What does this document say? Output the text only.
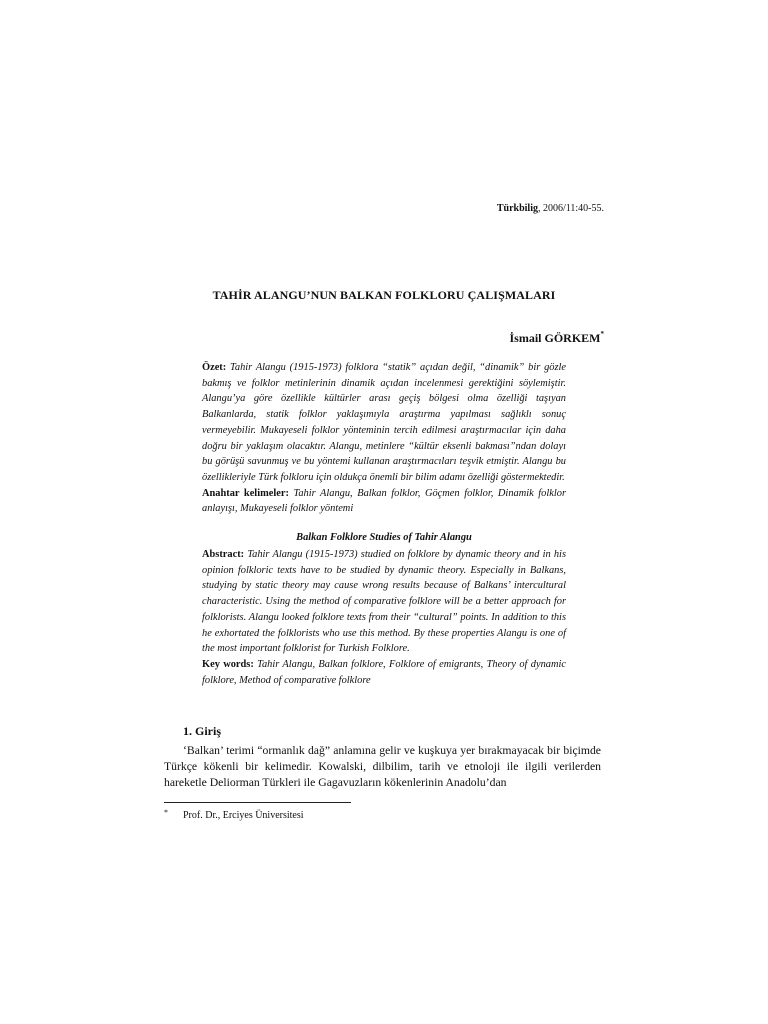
Türkbilig, 2006/11:40-55.
TAHİR ALANGU’NUN BALKAN FOLKLORU ÇALIŞMALARI
İsmail GÖRKEM*
Özet: Tahir Alangu (1915-1973) folklora “statik” açıdan değil, “dinamik” bir gözle bakmış ve folklor metinlerinin dinamik açıdan incelenmesi gerektiğini söylemiştir. Alangu’ya göre özellikle kültürler arası geçiş bölgesi olma özelliği taşıyan Balkanlarda, statik folklor yaklaşımıyla araştırma yapılması sağlıklı sonuç vermeyebilir. Mukayeseli folklor yönteminin tercih edilmesi araştırmacılar için daha doğru bir yaklaşım olacaktır. Alangu, metinlere “kültür eksenli bakması”ndan dolayı bu görüşü savunmuş ve bu yöntemi kullanan araştırmacıları teşvik etmiştir. Alangu bu özellikleriyle Türk folkloru için oldukça önemli bir bilim adamı özelliği göstermektedir.
Anahtar kelimeler: Tahir Alangu, Balkan folklor, Göçmen folklor, Dinamik folklor anlayışı, Mukayeseli folklor yöntemi
Balkan Folklore Studies of Tahir Alangu
Abstract: Tahir Alangu (1915-1973) studied on folklore by dynamic theory and in his opinion folkloric texts have to be studied by dynamic theory. Especially in Balkans, studying by static theory may cause wrong results because of Balkans’ intercultural characteristic. Using the method of comparative folklore will be a better approach for folklorists. Alangu looked folklore texts from their “cultural” points. In addition to this he exhortated the folklorists who use this method. By these properties Alangu is one of the most important folklorist for Turkish Folklore.
Key words: Tahir Alangu, Balkan folklore, Folklore of emigrants, Theory of dynamic folklore, Method of comparative folklore
1. Giriş
‘Balkan’ terimi “ormanlık dağ” anlamına gelir ve kuşkuya yer bırakmayacak bir biçimde Türkçe kökenli bir kelimedir. Kowalski, dilbilim, tarih ve etnoloji ile ilgili verilerden hareketle Deliorman Türkleri ile Gagavuzların kökenlerinin Anadolu’dan
* Prof. Dr., Erciyes Üniversitesi
